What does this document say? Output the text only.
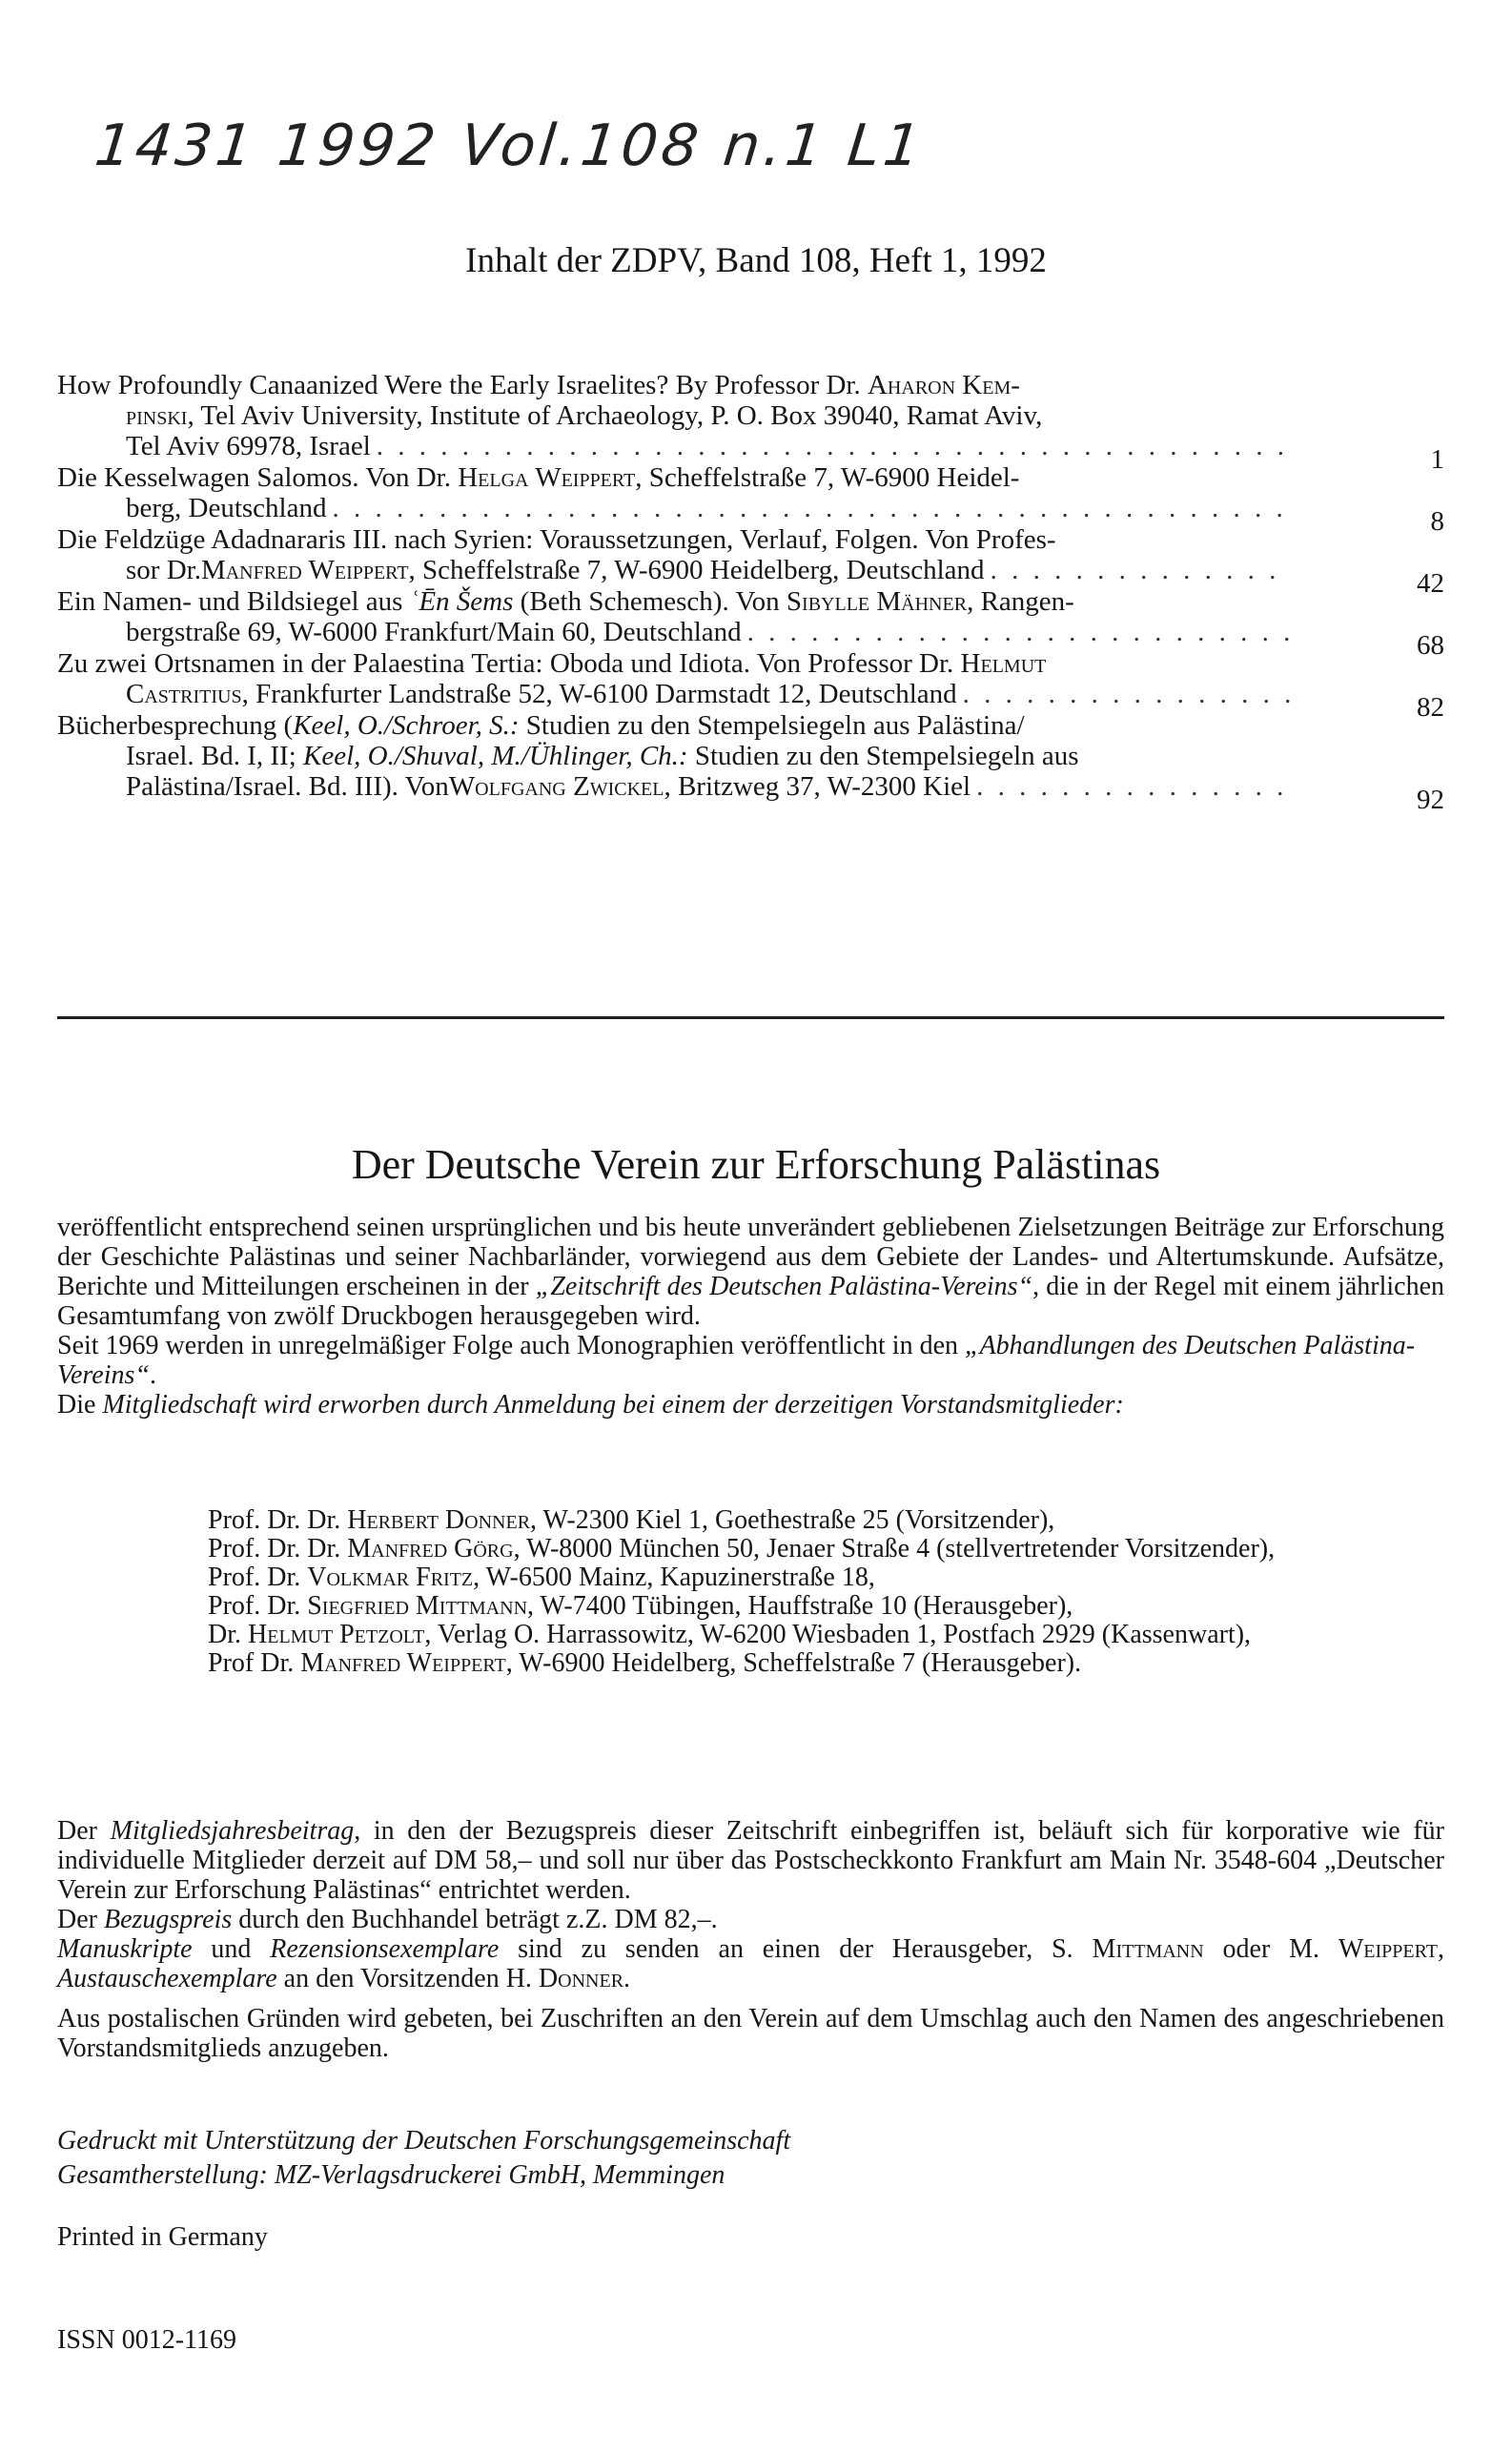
1431 1992 Vol.108 n.1 L1
Inhalt der ZDPV, Band 108, Heft 1, 1992
How Profoundly Canaanized Were the Early Israelites? By Professor Dr. Aharon Kem-
pinski, Tel Aviv University, Institute of Archaeology, P. O. Box 39040, Ramat Aviv,
Tel Aviv 69978, Israel . . .	1
Die Kesselwagen Salomos. Von Dr. Helga Weippert, Scheffelstraße 7, W-6900 Heidel-
berg, Deutschland . . .	8
Die Feldzüge Adadnararis III. nach Syrien: Voraussetzungen, Verlauf, Folgen. Von Profes-
sor Dr. Manfred Weippert , Scheffelstraße 7, W-6900 Heidelberg, Deutschland . . .	42
Ein Namen- und Bildsiegel aus ʿĒn Šems (Beth Schemesch). Von Sibylle Mähner, Rangen-
bergstraße 69, W-6000 Frankfurt/Main 60, Deutschland . . .	68
Zu zwei Ortsnamen in der Palaestina Tertia: Oboda und Idiota. Von Professor Dr. Helmut
Castritius , Frankfurter Landstraße 52, W-6100 Darmstadt 12, Deutschland . . .	82
Bücherbesprechung (Keel, O./Schroer, S.: Studien zu den Stempelsiegeln aus Palästina/
Israel. Bd. I, II; Keel, O./Shuval, M./Ühlinger, Ch.: Studien zu den Stempelsiegeln aus
Palästina/Israel. Bd. III). Von Wolfgang Zwickel , Britzweg 37, W-2300 Kiel . . .	92
Der Deutsche Verein zur Erforschung Palästinas

veröffentlicht entsprechend seinen ursprünglichen und bis heute unverändert gebliebenen Zielsetzungen Beiträge zur Erforschung der Geschichte Palästinas und seiner Nachbarländer, vorwiegend aus dem Gebiete der Landes- und Altertumskunde. Aufsätze, Berichte und Mitteilungen erscheinen in der „Zeitschrift des Deutschen Palästina-Vereins“, die in der Regel mit einem jährlichen Gesamtumfang von zwölf Druckbogen herausgegeben wird.

Seit 1969 werden in unregelmäßiger Folge auch Monographien veröffentlicht in den „Abhandlungen des Deutschen Palästina-Vereins“.

Die Mitgliedschaft wird erworben durch Anmeldung bei einem der derzeitigen Vorstandsmitglieder:

Prof. Dr. Dr. Herbert Donner, W-2300 Kiel 1, Goethestraße 25 (Vorsitzender),
Prof. Dr. Dr. Manfred Görg, W-8000 München 50, Jenaer Straße 4 (stellvertretender Vorsitzender),
Prof. Dr. Volkmar Fritz, W-6500 Mainz, Kapuzinerstraße 18,
Prof. Dr. Siegfried Mittmann, W-7400 Tübingen, Hauffstraße 10 (Herausgeber),
Dr. Helmut Petzolt, Verlag O. Harrassowitz, W-6200 Wiesbaden 1, Postfach 2929 (Kassenwart),
Prof Dr. Manfred Weippert, W-6900 Heidelberg, Scheffelstraße 7 (Herausgeber).

Der Mitgliedsjahresbeitrag, in den der Bezugspreis dieser Zeitschrift einbegriffen ist, beläuft sich für korporative wie für individuelle Mitglieder derzeit auf DM 58,– und soll nur über das Postscheckkonto Frankfurt am Main Nr. 3548-604 „Deutscher Verein zur Erforschung Palästinas“ entrichtet werden.

Der Bezugspreis durch den Buchhandel beträgt z.Z. DM 82,–.

Manuskripte und Rezensionsexemplare sind zu senden an einen der Herausgeber, S. Mittmann oder M. Weippert, Austauschexemplare an den Vorsitzenden H. Donner.

Aus postalischen Gründen wird gebeten, bei Zuschriften an den Verein auf dem Umschlag auch den Namen des angeschriebenen Vorstandsmitglieds anzugeben.

Gedruckt mit Unterstützung der Deutschen Forschungsgemeinschaft
Gesamtherstellung: MZ-Verlagsdruckerei GmbH, Memmingen
Printed in Germany
ISSN 0012-1169
